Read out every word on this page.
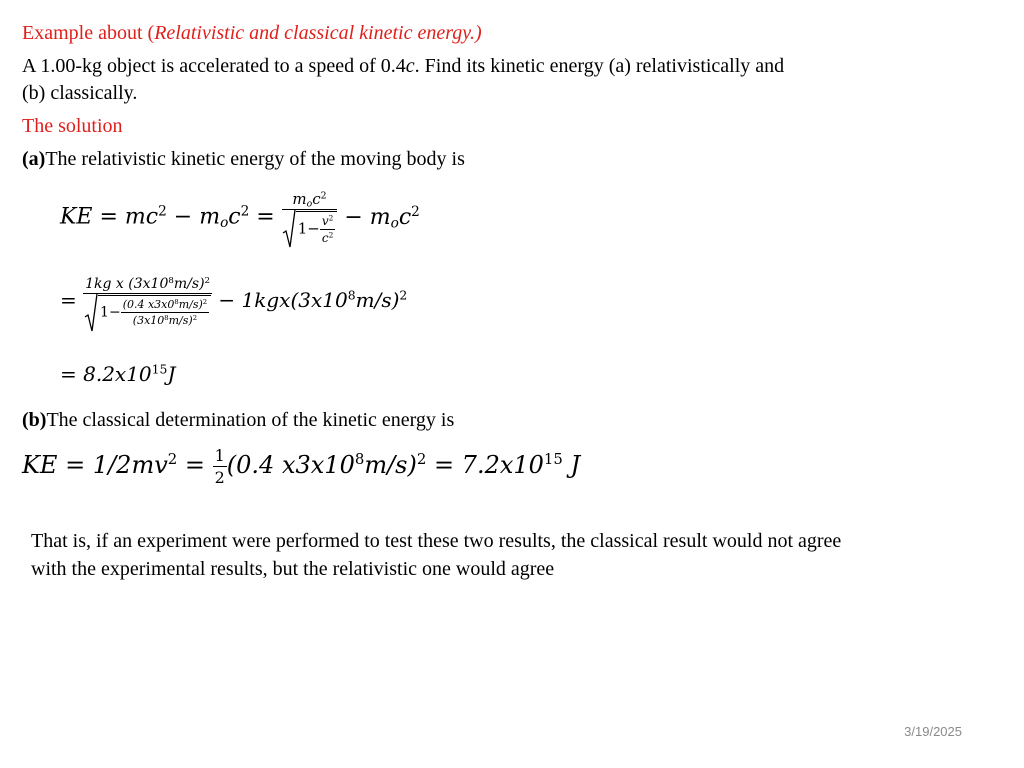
Example about (Relativistic and classical kinetic energy.)
A 1.00-kg object is accelerated to a speed of 0.4c. Find its kinetic energy (a) relativistically and
(b) classically.
The solution
(a)The relativistic kinetic energy of the moving body is
KE = $mc^2 - m_oc^2 = \frac{m_oc^2}{1- \frac{v^2}{c^2}} - m_oc^2$
= $\frac{1kg x (3x10^8m/s)^2}{1- \frac{(0.4 x3x0^8m/s)^2}{(3x10^8m/s)^2}} - 1kgx(3x10^8m/s)^2$
= $8.2x10^{15}J$
(b)The classical determination of the kinetic energy is
KE = $1/2mv^2 = \frac{1}{2} (0.4$ $x3x10^8m/s)^2 = 7.2x10^{15}$ J
That is, if an experiment were performed to test these two results, the classical result would not agree
with the experimental results, but the relativistic one would agree
3/19/2025
